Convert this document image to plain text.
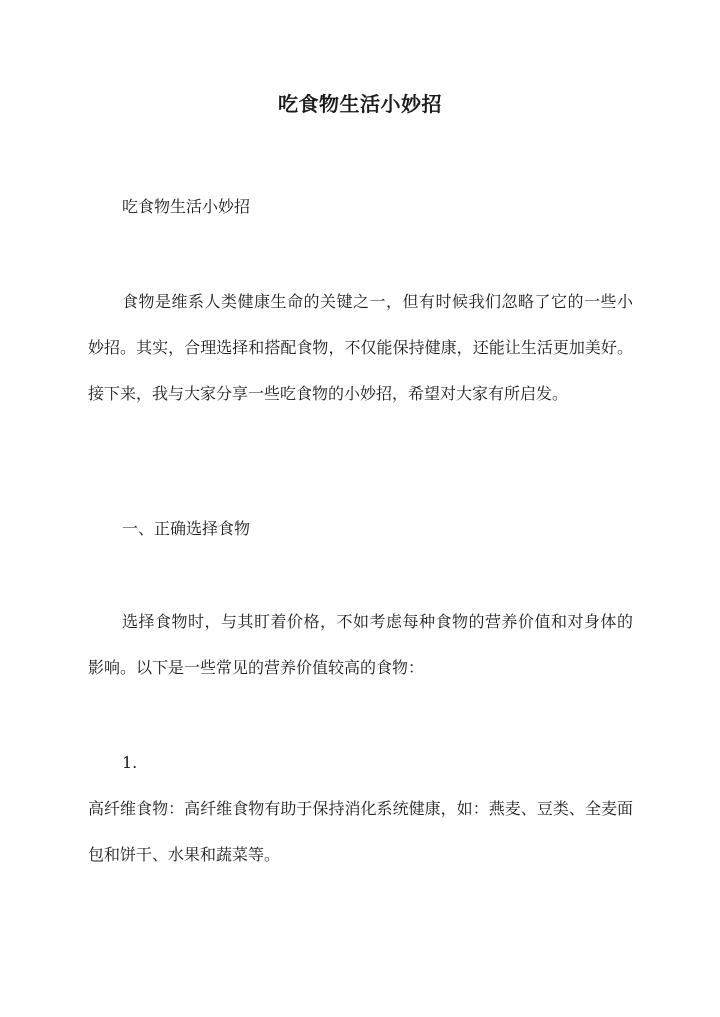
吃食物生活小妙招
吃食物生活小妙招
食物是维系人类健康生命的关键之一，但有时候我们忽略了它的一些小妙招。其实，合理选择和搭配食物，不仅能保持健康，还能让生活更加美好。接下来，我与大家分享一些吃食物的小妙招，希望对大家有所启发。
一、正确选择食物
选择食物时，与其盯着价格，不如考虑每种食物的营养价值和对身体的影响。以下是一些常见的营养价值较高的食物：
1.
高纤维食物：高纤维食物有助于保持消化系统健康，如：燕麦、豆类、全麦面包和饼干、水果和蔬菜等。
